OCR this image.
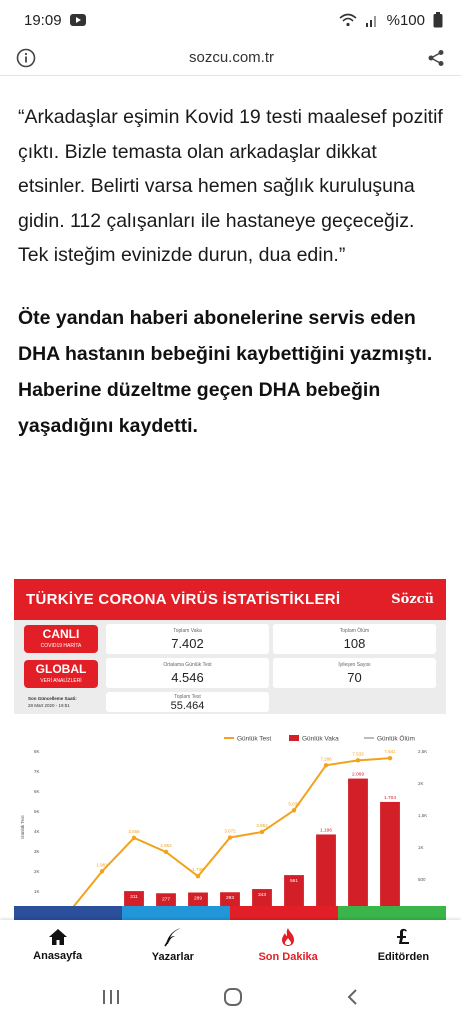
19:09	%100
sozcu.com.tr

“Arkadaşlar eşimin Kovid 19 testi maalesef pozitif çıktı. Bizle temasta olan arkadaşlar dikkat etsinler. Belirti varsa hemen sağlık kuruluşuna gidin. 112 çalışanları ile hastaneye geçeceğiz. Tek isteğim evinizde durun, dua edin.”

Öte yandan haberi abonelerine servis eden DHA hastanın bebeğini kaybettiğini yazmıştı. Haberine düzeltme geçen DHA bebeğin yaşadığını kaydetti.

TÜRKİYE CORONA VİRÜS İSTATİSTİKLERİ	Sözcü
CANLI
COVID19 HARİTA
GLOBAL
VERİ ANALİZLERİ
Son Güncelleme Saati:
28 Mart 2020 - 19:51
Toplam Vaka
7.402
Toplam Ölüm
108
Ortalama Günlük Test
4.546
İyileşen Sayısı
70
Toplam Test
55.464
Günlük Test	Günlük Vaka	Günlük Ölüm
1K
2K
3K
4K
5K
6K
7K
8K
500
1K
1,5K
2K
2,5K
Günlük Test
311	277	289	293
343
561
1.196
2.069
1.704
1.981
3.656
2.952
1.738
3.672
3.952
5.035
7.286
7.533	7.641
Anasayfa	Yazarlar	Son Dakika	Editörden
